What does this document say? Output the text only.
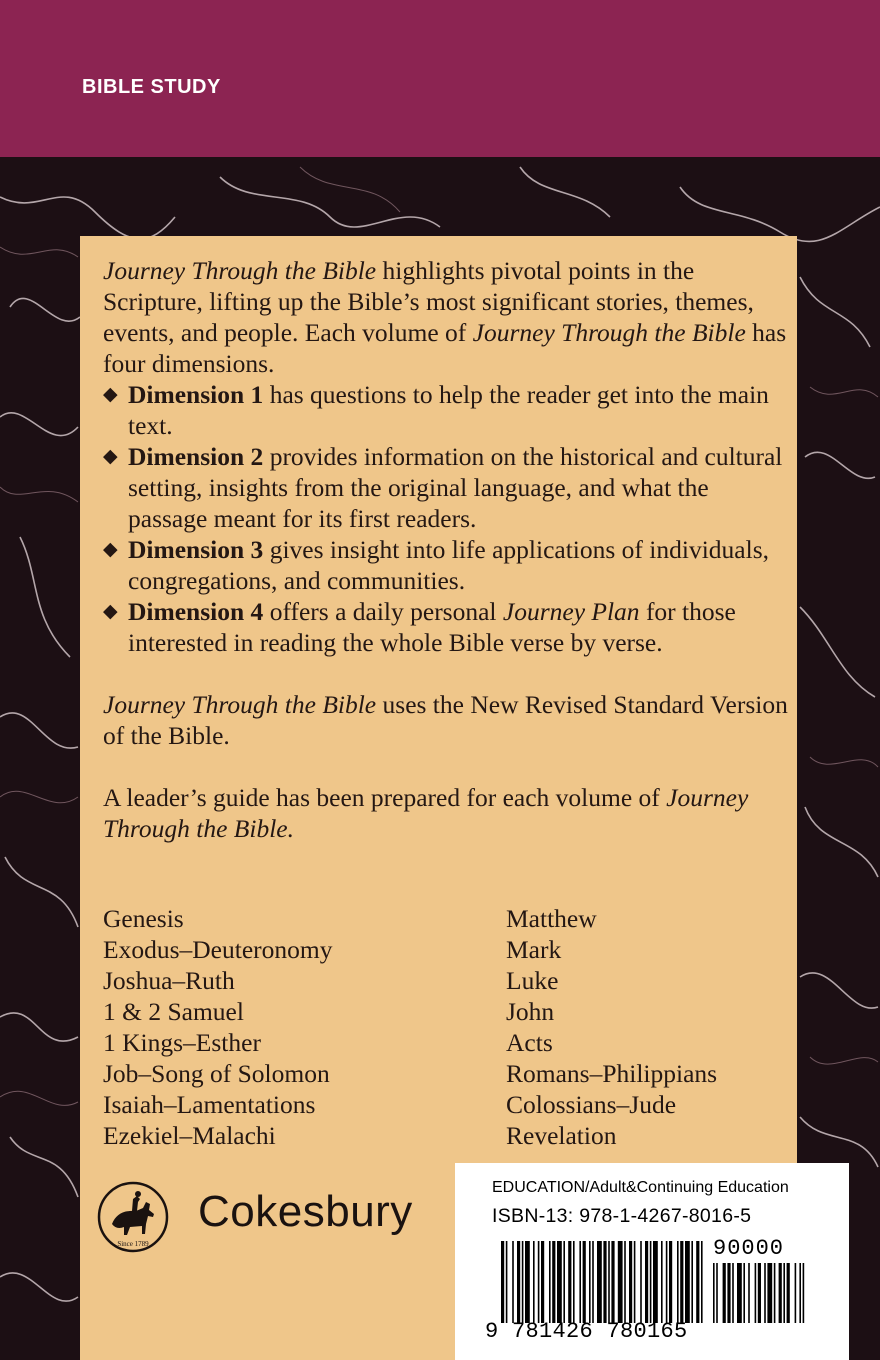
BIBLE STUDY

Journey Through the Bible highlights pivotal points in the Scripture, lifting up the Bible’s most significant stories, themes, events, and people. Each volume of Journey Through the Bible has four dimensions.

◆ Dimension 1 has questions to help the reader get into the main text.

◆ Dimension 2 provides information on the historical and cultural setting, insights from the original language, and what the passage meant for its first readers.

◆ Dimension 3 gives insight into life applications of individuals, congregations, and communities.

◆ Dimension 4 offers a daily personal Journey Plan for those interested in reading the whole Bible verse by verse.

Journey Through the Bible uses the New Revised Standard Version of the Bible.

A leader’s guide has been prepared for each volume of Journey Through the Bible.

Genesis
Exodus–Deuteronomy
Joshua–Ruth
1 & 2 Samuel
1 Kings–Esther
Job–Song of Solomon
Isaiah–Lamentations
Ezekiel–Malachi
Matthew
Mark
Luke
John
Acts
Romans–Philippians
Colossians–Jude
Revelation
Since 1789
Cokesbury	EDUCATION/Adult&Continuing Education
ISBN-13: 978-1-4267-8016-5
90000
9 781426 780165
